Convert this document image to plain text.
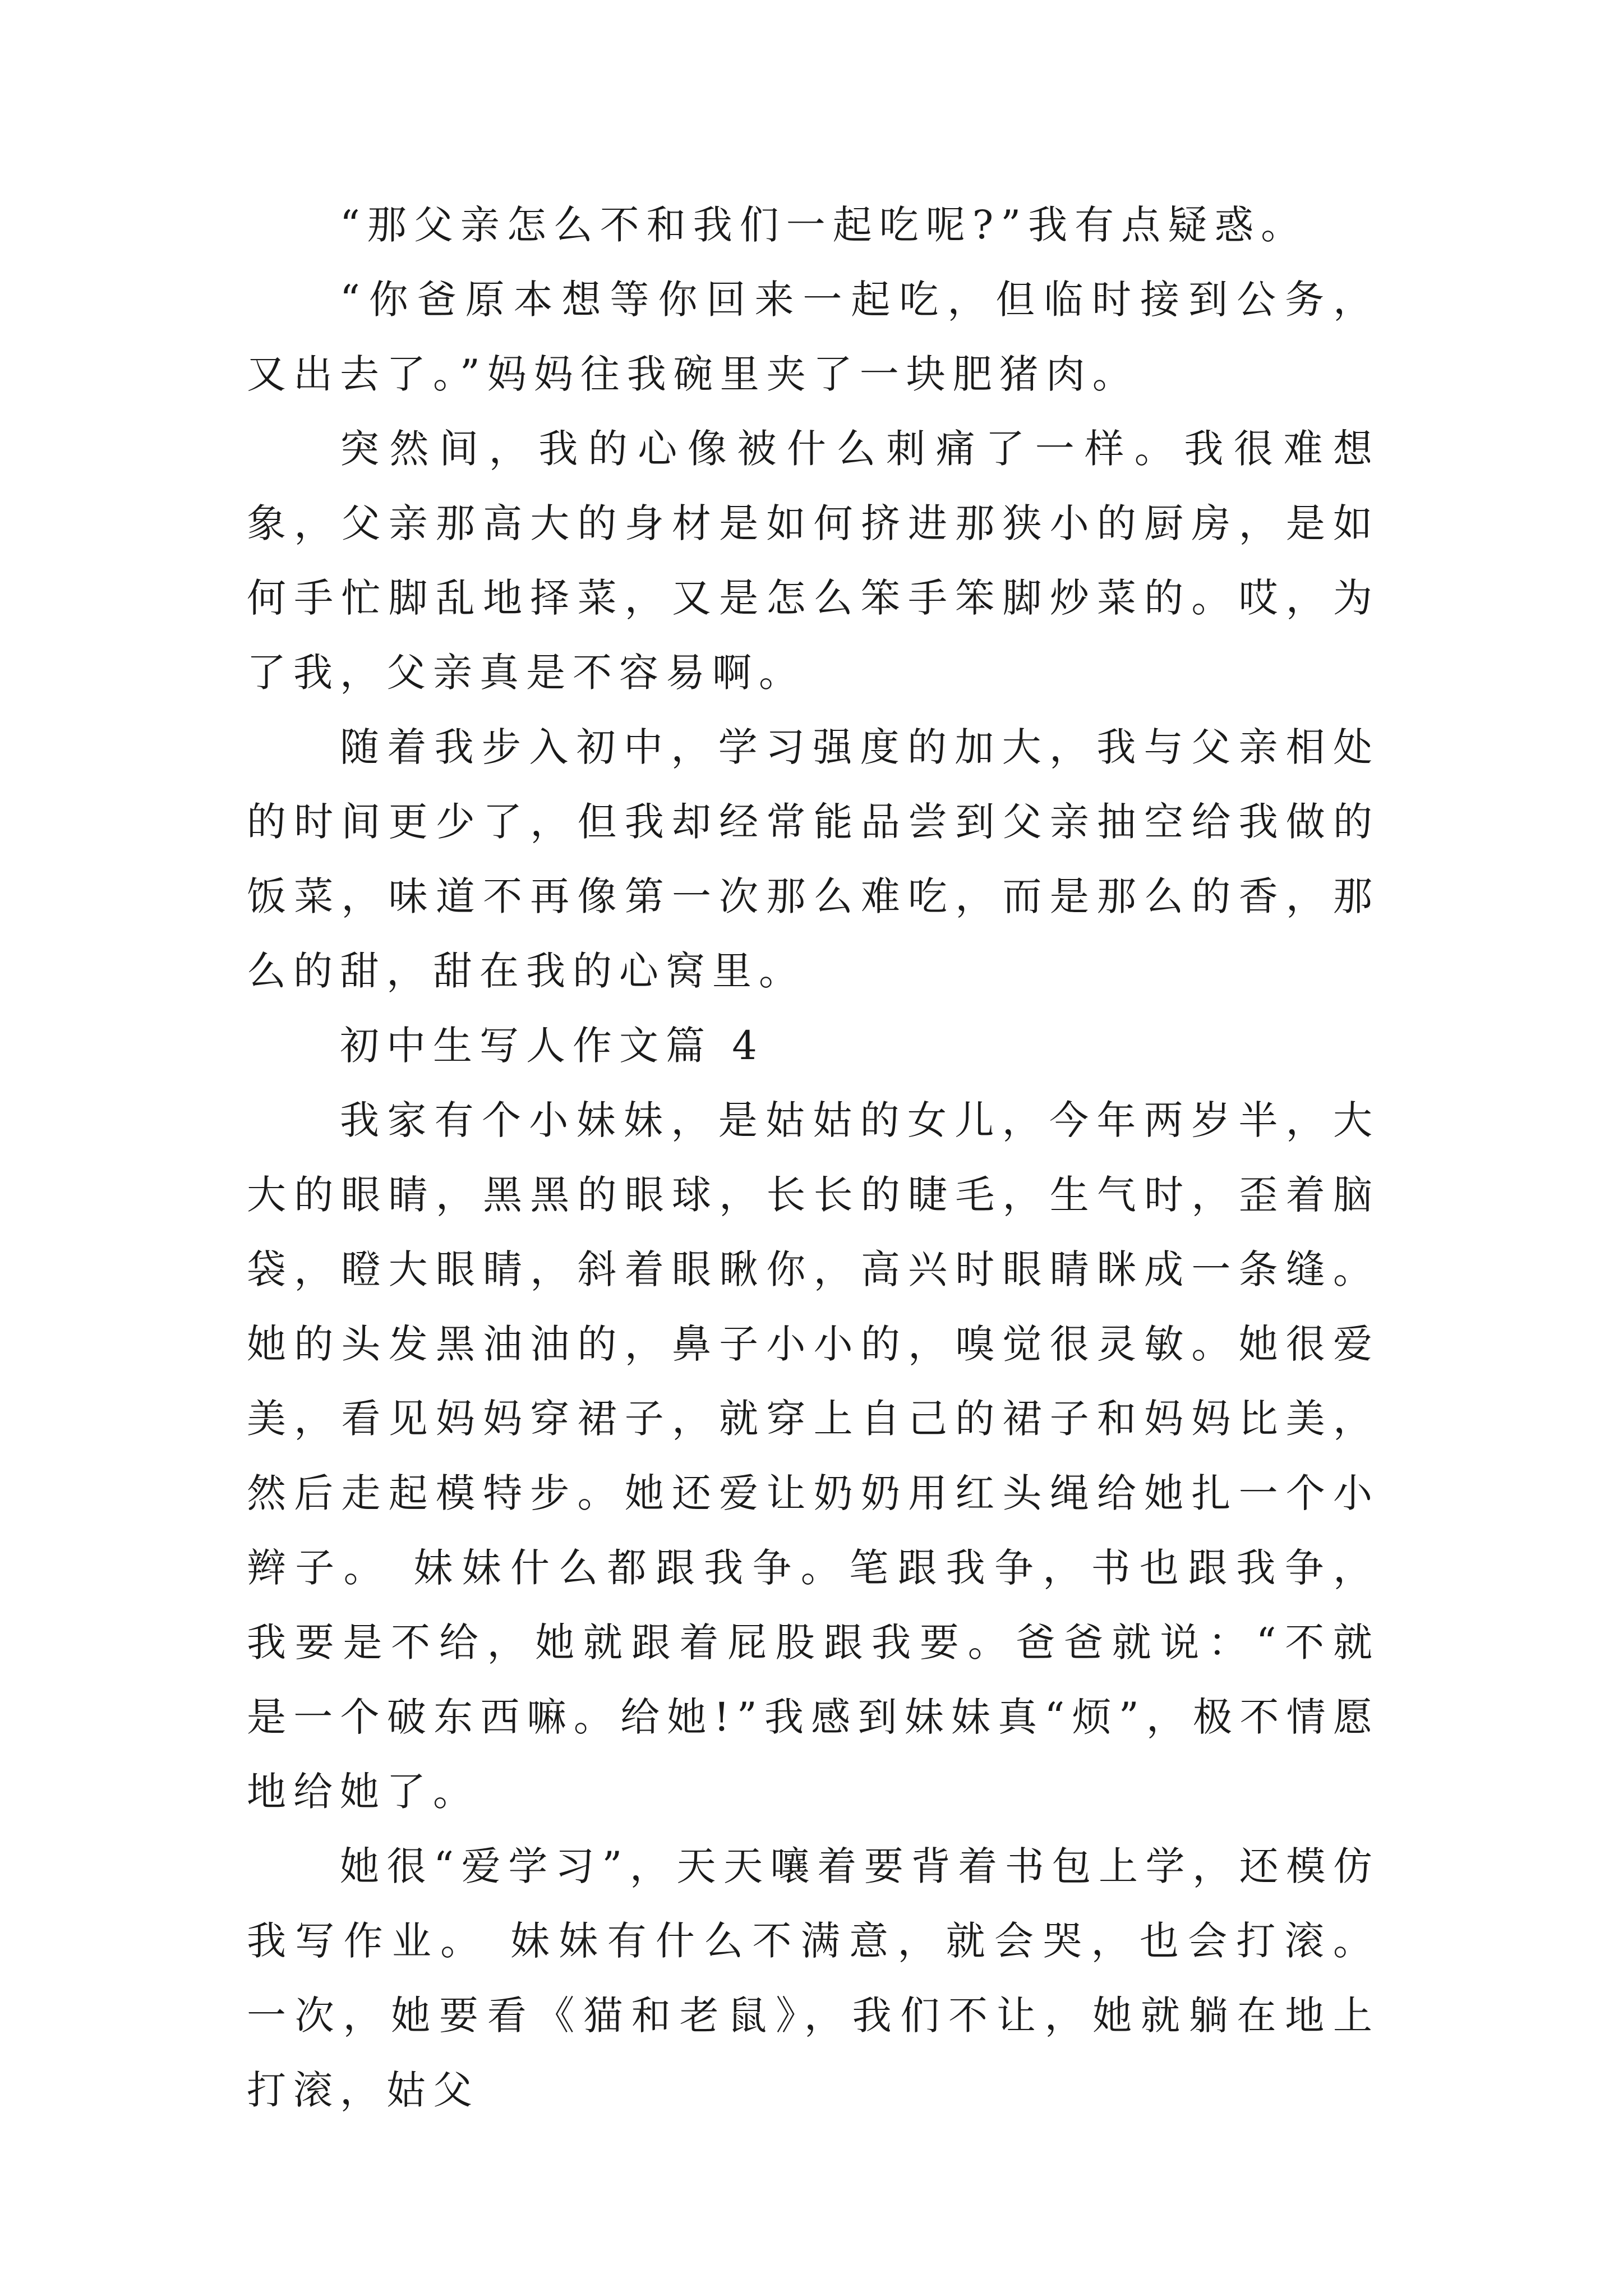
“那父亲怎么不和我们一起吃呢?”我有点疑惑。

“你爸原本想等你回来一起吃，但临时接到公务，又出去了。”妈妈往我碗里夹了一块肥猪肉。

突然间，我的心像被什么刺痛了一样。我很难想象，父亲那高大的身材是如何挤进那狭小的厨房，是如何手忙脚乱地择菜，又是怎么笨手笨脚炒菜的。哎，为了我，父亲真是不容易啊。

随着我步入初中，学习强度的加大，我与父亲相处的时间更少了，但我却经常能品尝到父亲抽空给我做的饭菜，味道不再像第一次那么难吃，而是那么的香，那么的甜，甜在我的心窝里。

初中生写人作文篇 4

我家有个小妹妹，是姑姑的女儿，今年两岁半，大大的眼睛，黑黑的眼球，长长的睫毛，生气时，歪着脑袋，瞪大眼睛，斜着眼瞅你，高兴时眼睛眯成一条缝。她的头发黑油油的，鼻子小小的，嗅觉很灵敏。她很爱美，看见妈妈穿裙子，就穿上自己的裙子和妈妈比美，然后走起模特步。她还爱让奶奶用红头绳给她扎一个小辫子。 妹妹什么都跟我争。笔跟我争，书也跟我争，我要是不给，她就跟着屁股跟我要。爸爸就说：“不就是一个破东西嘛。给她!”我感到妹妹真“烦”，极不情愿地给她了。

她很“爱学习”，天天嚷着要背着书包上学，还模仿我写作业。 妹妹有什么不满意，就会哭，也会打滚。一次，她要看《猫和老鼠》，我们不让，她就躺在地上打滚，姑父
